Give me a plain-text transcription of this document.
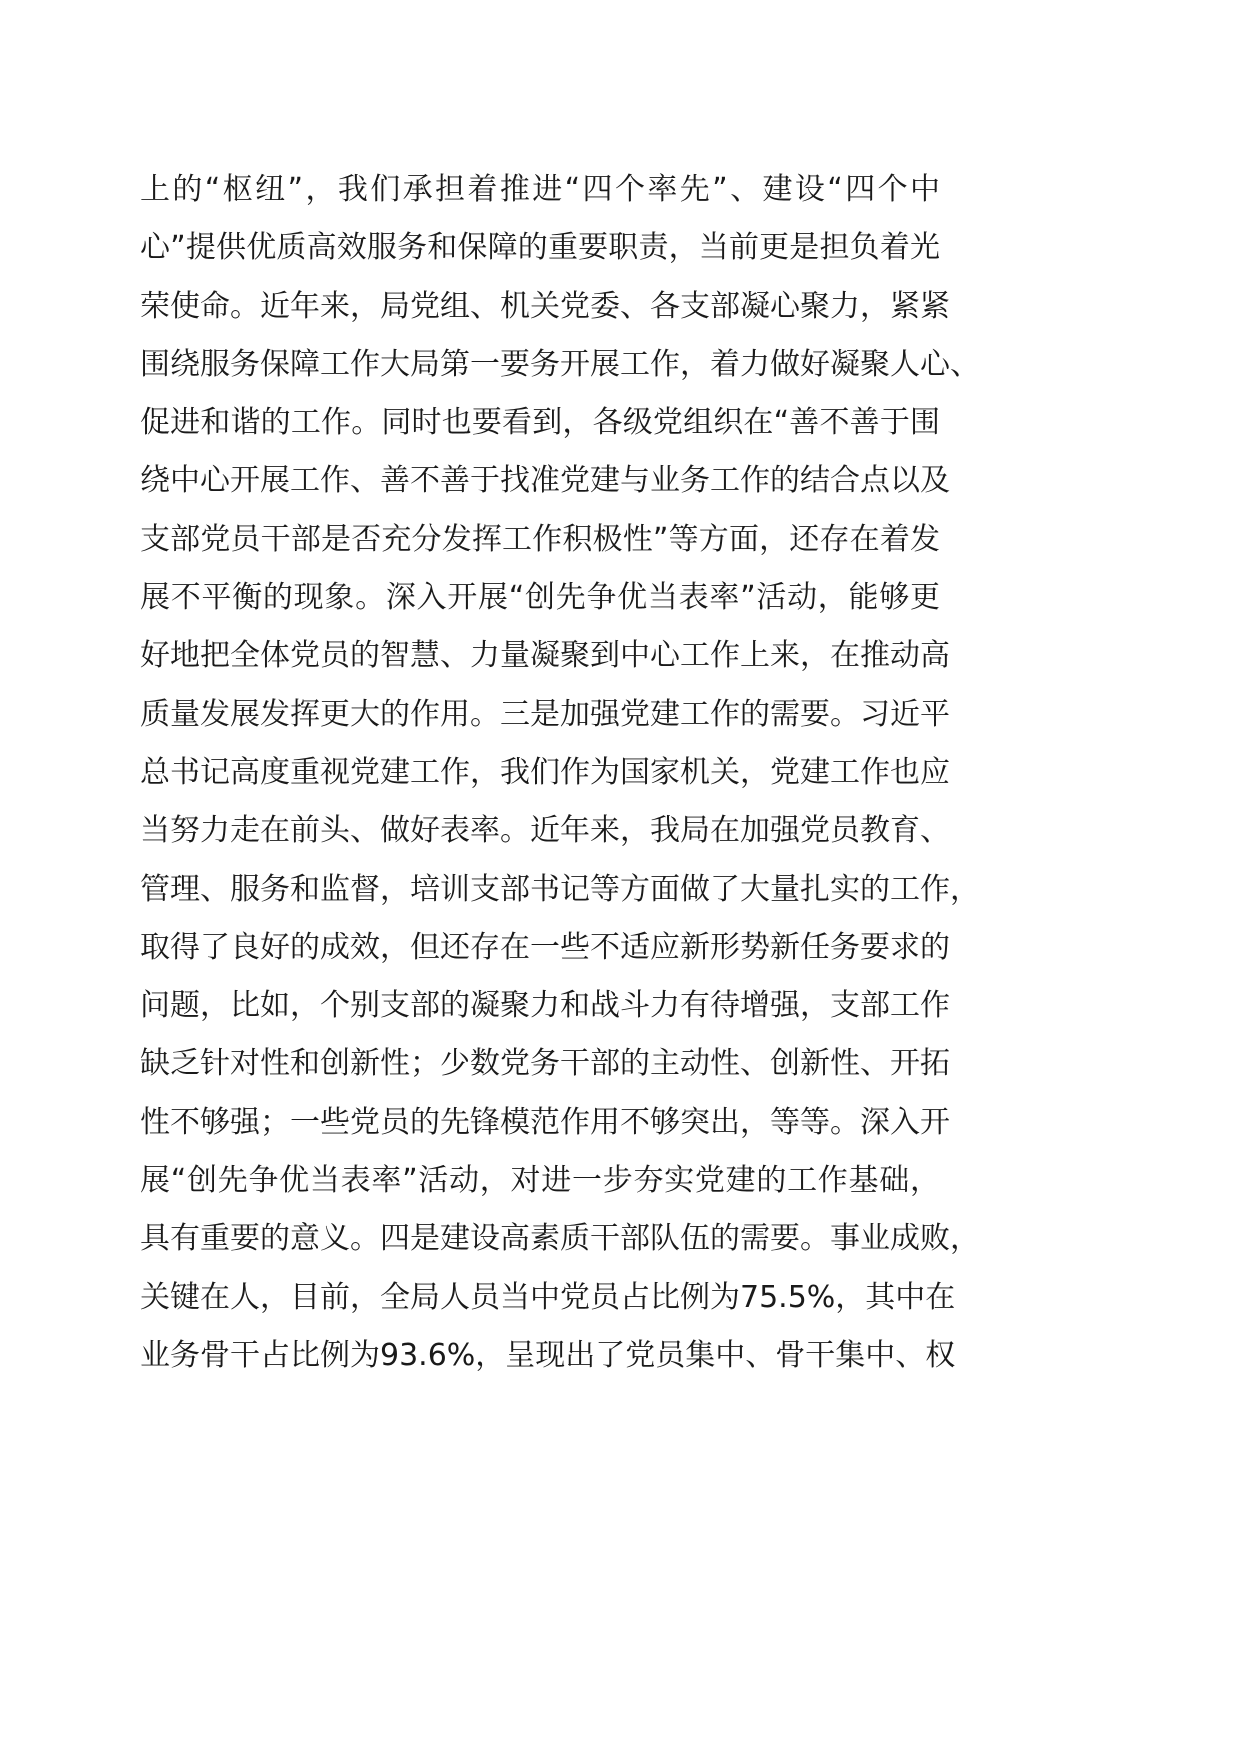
上的“枢纽”，我们承担着推进“四个率先”、建设“四个中
心”提供优质高效服务和保障的重要职责，当前更是担负着光
荣使命。近年来，局党组、机关党委、各支部凝心聚力，紧紧
围绕服务保障工作大局第一要务开展工作，着力做好凝聚人心、
促进和谐的工作。同时也要看到，各级党组织在“善不善于围
绕中心开展工作、善不善于找准党建与业务工作的结合点以及
支部党员干部是否充分发挥工作积极性”等方面，还存在着发
展不平衡的现象。深入开展“创先争优当表率”活动，能够更
好地把全体党员的智慧、力量凝聚到中心工作上来，在推动高
质量发展发挥更大的作用。三是加强党建工作的需要。习近平
总书记高度重视党建工作，我们作为国家机关，党建工作也应
当努力走在前头、做好表率。近年来，我局在加强党员教育、
管理、服务和监督，培训支部书记等方面做了大量扎实的工作，
取得了良好的成效，但还存在一些不适应新形势新任务要求的
问题，比如，个别支部的凝聚力和战斗力有待增强，支部工作
缺乏针对性和创新性；少数党务干部的主动性、创新性、开拓
性不够强；一些党员的先锋模范作用不够突出，等等。深入开
展“创先争优当表率”活动，对进一步夯实党建的工作基础，
具有重要的意义。四是建设高素质干部队伍的需要。事业成败，
关键在人，目前，全局人员当中党员占比例为75.5%，其中在
业务骨干占比例为93.6%，呈现出了党员集中、骨干集中、权
